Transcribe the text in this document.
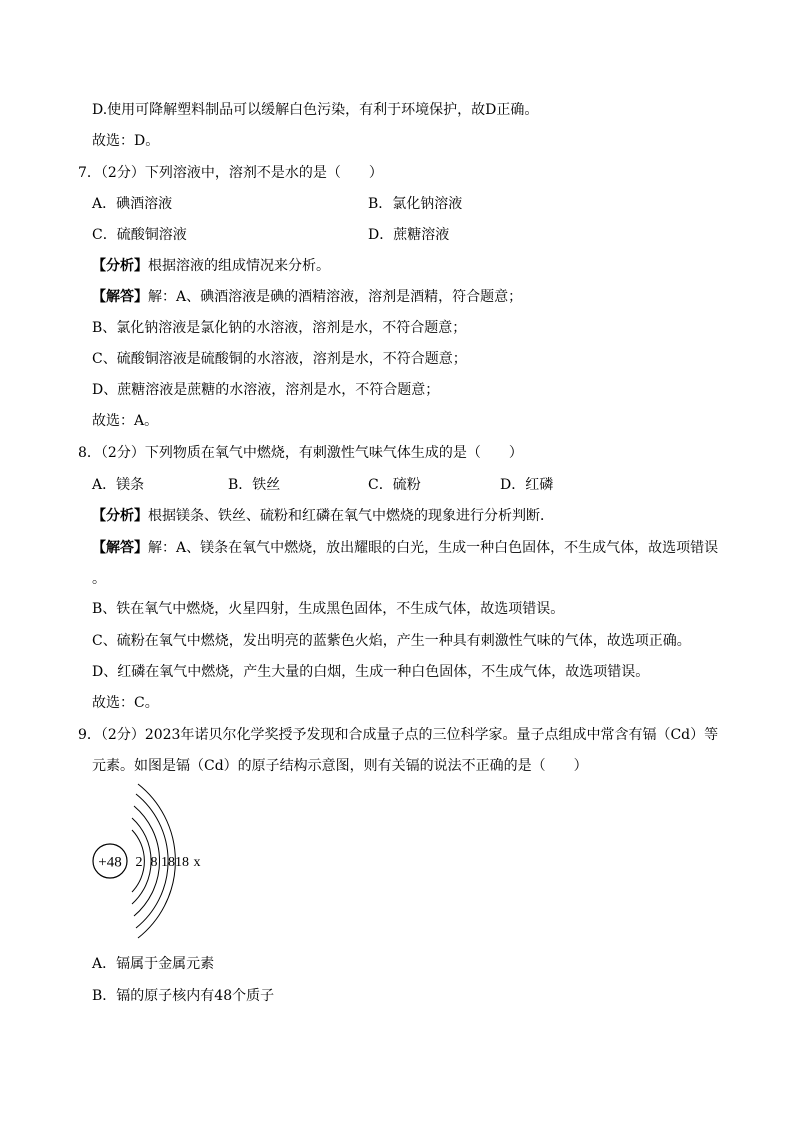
D.使用可降解塑料制品可以缓解白色污染，有利于环境保护，故D正确。
故选：D。
7．（2分）下列溶液中，溶剂不是水的是（　　）
A．碘酒溶液	B．氯化钠溶液
C．硫酸铜溶液	D．蔗糖溶液
【分析】根据溶液的组成情况来分析。
【解答】解：A、碘酒溶液是碘的酒精溶液，溶剂是酒精，符合题意；
B、氯化钠溶液是氯化钠的水溶液，溶剂是水，不符合题意；
C、硫酸铜溶液是硫酸铜的水溶液，溶剂是水，不符合题意；
D、蔗糖溶液是蔗糖的水溶液，溶剂是水，不符合题意；
故选：A。
8．（2分）下列物质在氧气中燃烧，有刺激性气味气体生成的是（　　）
A．镁条	B．铁丝	C．硫粉	D．红磷
【分析】根据镁条、铁丝、硫粉和红磷在氧气中燃烧的现象进行分析判断．
【解答】解：A、镁条在氧气中燃烧，放出耀眼的白光，生成一种白色固体，不生成气体，故选项错误
。
B、铁在氧气中燃烧，火星四射，生成黑色固体，不生成气体，故选项错误。
C、硫粉在氧气中燃烧，发出明亮的蓝紫色火焰，产生一种具有刺激性气味的气体，故选项正确。
D、红磷在氧气中燃烧，产生大量的白烟，生成一种白色固体，不生成气体，故选项错误。
故选：C。
9．（2分）2023年诺贝尔化学奖授予发现和合成量子点的三位科学家。量子点组成中常含有镉（Cd）等
元素。如图是镉（Cd）的原子结构示意图，则有关镉的说法不正确的是（　　）
+48 2 8 18 18 x
A．镉属于金属元素
B．镉的原子核内有48个质子
